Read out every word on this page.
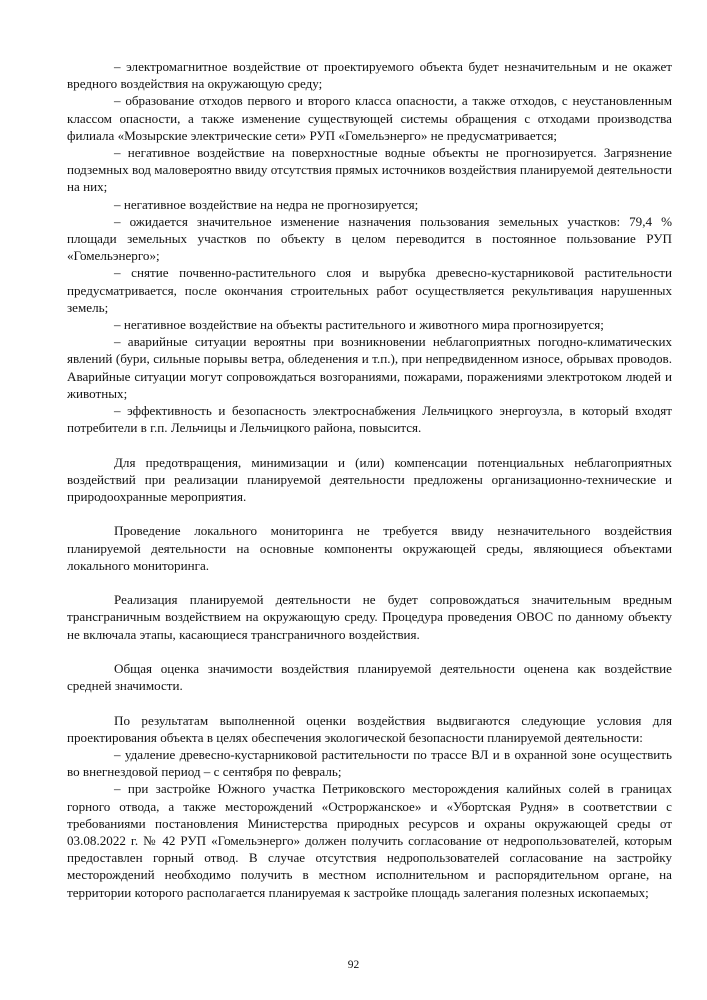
– электромагнитное воздействие от проектируемого объекта будет незначительным и не окажет вредного воздействия на окружающую среду;

– образование отходов первого и второго класса опасности, а также отходов, с неустановленным классом опасности, а также изменение существующей системы обращения с отходами производства филиала «Мозырские электрические сети» РУП «Гомельэнерго» не предусматривается;

– негативное воздействие на поверхностные водные объекты не прогнозируется. Загрязнение подземных вод маловероятно ввиду отсутствия прямых источников воздействия планируемой деятельности на них;

– негативное воздействие на недра не прогнозируется;

– ожидается значительное изменение назначения пользования земельных участков: 79,4 % площади земельных участков по объекту в целом переводится в постоянное пользование РУП «Гомельэнерго»;

– снятие почвенно-растительного слоя и вырубка древесно-кустарниковой растительности предусматривается, после окончания строительных работ осуществляется рекультивация нарушенных земель;

– негативное воздействие на объекты растительного и животного мира прогнозируется;

– аварийные ситуации вероятны при возникновении неблагоприятных погодно-климатических явлений (бури, сильные порывы ветра, обледенения и т.п.), при непредвиденном износе, обрывах проводов. Аварийные ситуации могут сопровождаться возгораниями, пожарами, поражениями электротоком людей и животных;

– эффективность и безопасность электроснабжения Лельчицкого энергоузла, в который входят потребители в г.п. Лельчицы и Лельчицкого района, повысится.

Для предотвращения, минимизации и (или) компенсации потенциальных неблагоприятных воздействий при реализации планируемой деятельности предложены организационно-технические и природоохранные мероприятия.

Проведение локального мониторинга не требуется ввиду незначительного воздействия планируемой деятельности на основные компоненты окружающей среды, являющиеся объектами локального мониторинга.

Реализация планируемой деятельности не будет сопровождаться значительным вредным трансграничным воздействием на окружающую среду. Процедура проведения ОВОС по данному объекту не включала этапы, касающиеся трансграничного воздействия.

Общая оценка значимости воздействия планируемой деятельности оценена как воздействие средней значимости.

По результатам выполненной оценки воздействия выдвигаются следующие условия для проектирования объекта в целях обеспечения экологической безопасности планируемой деятельности:

– удаление древесно-кустарниковой растительности по трассе ВЛ и в охранной зоне осуществить во внегнездовой период – с сентября по февраль;

– при застройке Южного участка Петриковского месторождения калийных солей в границах горного отвода, а также месторождений «Остроржанское» и «Убортская Рудня» в соответствии с требованиями постановления Министерства природных ресурсов и охраны окружающей среды от 03.08.2022 г. № 42 РУП «Гомельэнерго» должен получить согласование от недропользователей, которым предоставлен горный отвод. В случае отсутствия недропользователей согласование на застройку месторождений необходимо получить в местном исполнительном и распорядительном органе, на территории которого располагается планируемая к застройке площадь залегания полезных ископаемых;

92
